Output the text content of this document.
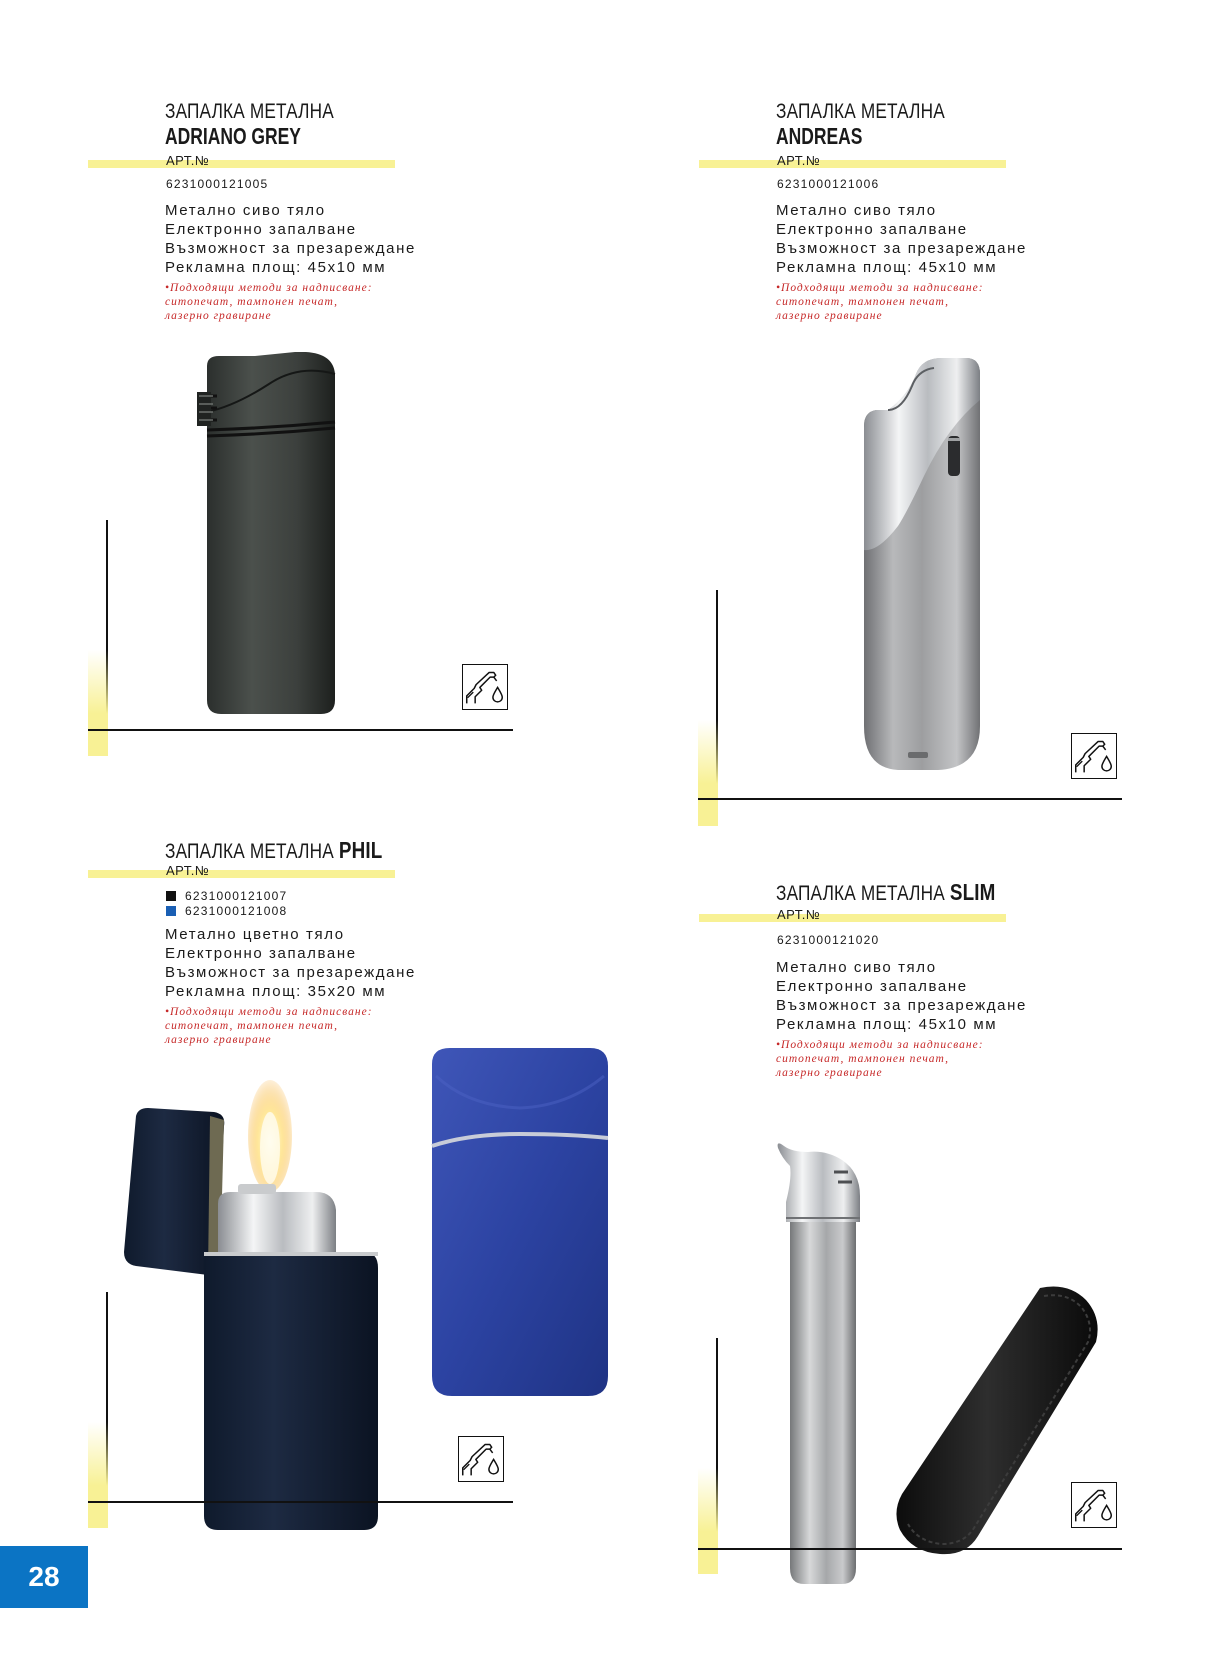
ЗАПАЛКА МЕТАЛНА
ADRIANO GREY
АРТ.№
6231000121005
Метално сиво тяло
Електронно запалване
Възможност за презареждане
Рекламна площ: 45х10 мм
•Подходящи методи за надписване:
ситопечат, тампонен печат,
лазерно гравиране
ЗАПАЛКА МЕТАЛНА
ANDREAS
АРТ.№
6231000121006
Метално сиво тяло
Електронно запалване
Възможност за презареждане
Рекламна площ: 45х10 мм
•Подходящи методи за надписване:
ситопечат, тампонен печат,
лазерно гравиране
ЗАПАЛКА МЕТАЛНА PHIL
АРТ.№
6231000121007
6231000121008
Метално цветно тяло
Електронно запалване
Възможност за презареждане
Рекламна площ: 35х20 мм
•Подходящи методи за надписване:
ситопечат, тампонен печат,
лазерно гравиране
ЗАПАЛКА МЕТАЛНА SLIM
АРТ.№
6231000121020
Метално сиво тяло
Електронно запалване
Възможност за презареждане
Рекламна площ: 45х10 мм
•Подходящи методи за надписване:
ситопечат, тампонен печат,
лазерно гравиране
28
